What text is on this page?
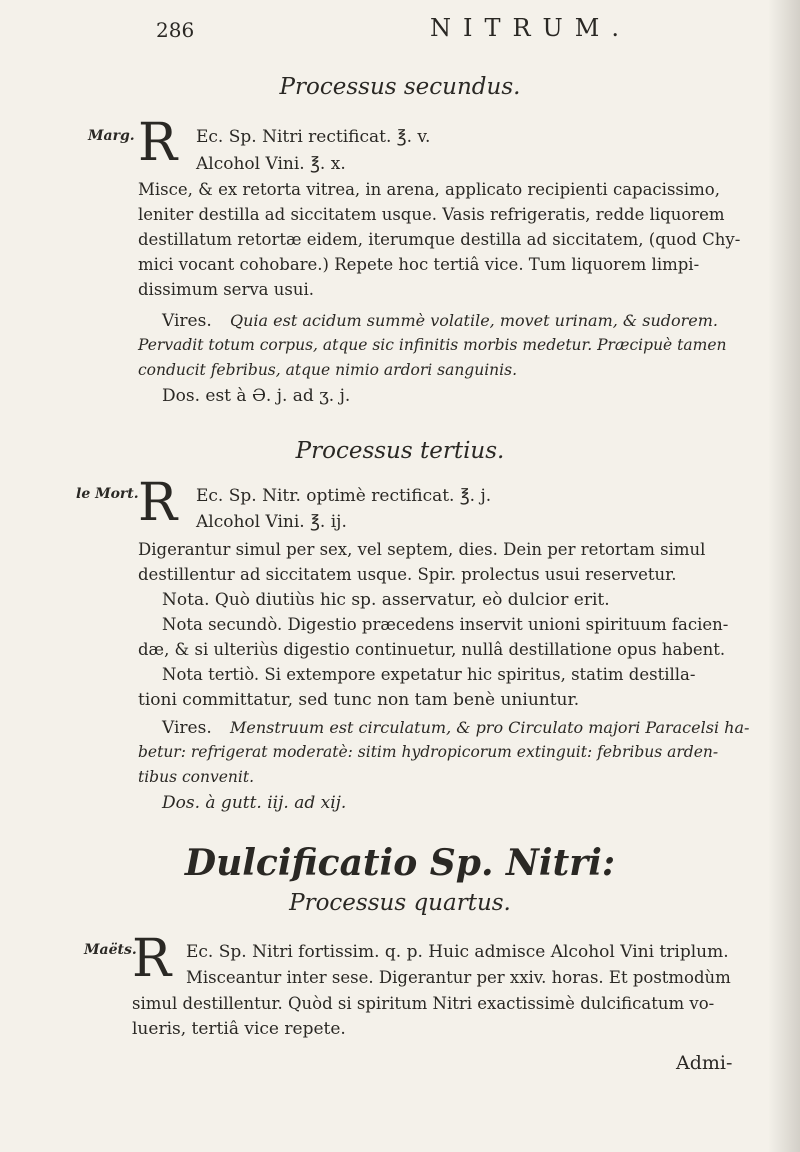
286	NITRUM.
Processus secundus.
Marg. R Ec. Sp. Nitri rectificat. ℥. v.
Alcohol Vini. ℥. x.
Misce, & ex retorta vitrea, in arena, applicato recipienti capacissimo,
leniter destilla ad siccitatem usque. Vasis refrigeratis, redde liquorem
destillatum retortæ eidem, iterumque destilla ad siccitatem, (quod Chy-
mici vocant cohobare.) Repete hoc tertiâ vice. Tum liquorem limpi-
dissimum serva usui.
Vires. Quia est acidum summè volatile, movet urinam, & sudorem.
Pervadit totum corpus, atque sic infinitis morbis medetur. Præcipuè tamen
conducit febribus, atque nimio ardori sanguinis.
Dos. est à Ə. j. ad ʒ. j.
Processus tertius.
le Mort. R Ec. Sp. Nitr. optimè rectificat. ℥. j.
Alcohol Vini. ℥. ij.
Digerantur simul per sex, vel septem, dies. Dein per retortam simul
destillentur ad siccitatem usque. Spir. prolectus usui reservetur.
Nota. Quò diutiùs hic sp. asservatur, eò dulcior erit.
Nota secundò. Digestio præcedens inservit unioni spirituum facien-
dæ, & si ulteriùs digestio continuetur, nullâ destillatione opus habent.
Nota tertiò. Si extempore expetatur hic spiritus, statim destilla-
tioni committatur, sed tunc non tam benè uniuntur.
Vires. Menstruum est circulatum, & pro Circulato majori Paracelsi ha-
betur: refrigerat moderatè: sitim hydropicorum extinguit: febribus arden-
tibus convenit.
Dos. à gutt. iij. ad xij.
Dulcificatio Sp. Nitri:
Processus quartus.
Maëts.
R Ec. Sp. Nitri fortissim. q. p. Huic admisce Alcohol Vini triplum.
Misceantur inter sese. Digerantur per xxiv. horas. Et postmodùm
simul destillentur. Quòd si spiritum Nitri exactissimè dulcificatum vo-
lueris, tertiâ vice repete.
Admi-
